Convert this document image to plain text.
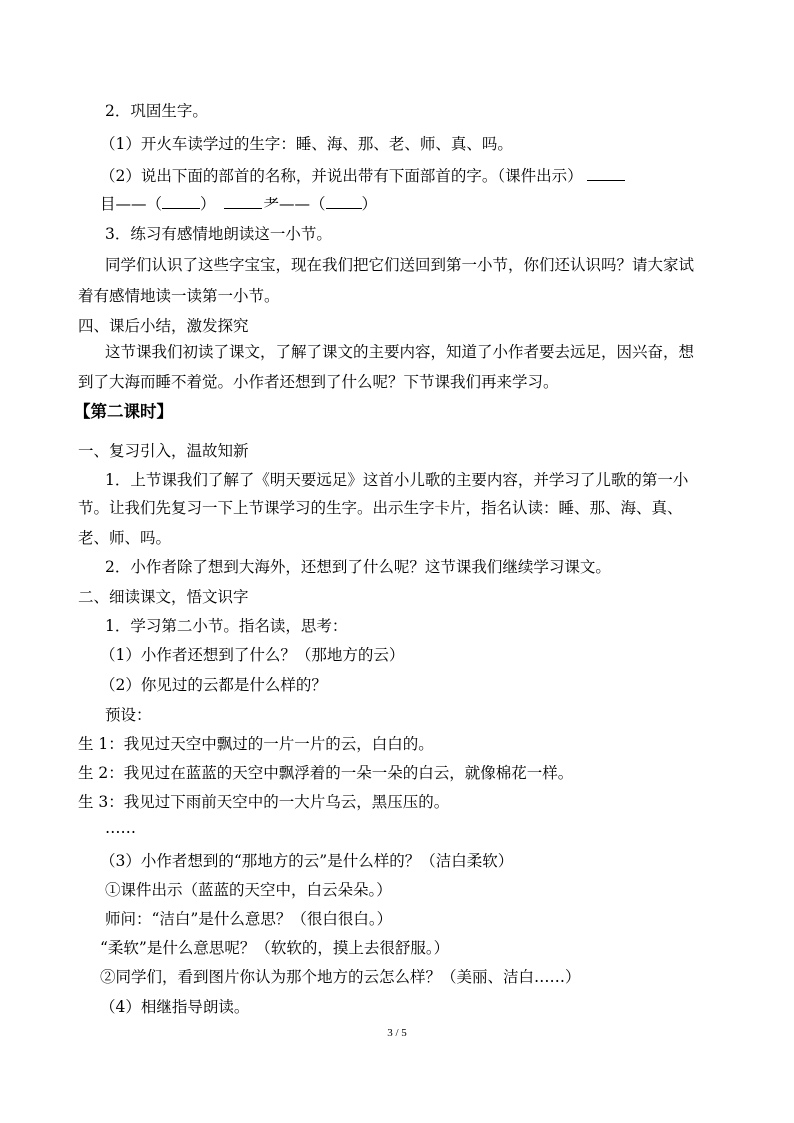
2．巩固生字。
（1）开火车读学过的生字：睡、海、那、老、师、真、吗。
（2）说出下面的部首的名称，并说出带有下面部首的字。（课件出示）
目——（ ）	耂——（ ）
3．练习有感情地朗读这一小节。
同学们认识了这些字宝宝，现在我们把它们送回到第一小节，你们还认识吗？请大家试
着有感情地读一读第一小节。
四、课后小结，激发探究
这节课我们初读了课文，了解了课文的主要内容，知道了小作者要去远足，因兴奋，想
到了大海而睡不着觉。小作者还想到了什么呢？下节课我们再来学习。
【第二课时】
一、复习引入，温故知新
1．上节课我们了解了《明天要远足》这首小儿歌的主要内容，并学习了儿歌的第一小
节。让我们先复习一下上节课学习的生字。出示生字卡片，指名认读：睡、那、海、真、
老、师、吗。
2．小作者除了想到大海外，还想到了什么呢？这节课我们继续学习课文。
二、细读课文，悟文识字
1．学习第二小节。指名读，思考：
（1）小作者还想到了什么？（那地方的云）
（2）你见过的云都是什么样的？
预设：
生 1：我见过天空中飘过的一片一片的云，白白的。
生 2：我见过在蓝蓝的天空中飘浮着的一朵一朵的白云，就像棉花一样。
生 3：我见过下雨前天空中的一大片乌云，黑压压的。
……
（3）小作者想到的“那地方的云”是什么样的？（洁白柔软）
①课件出示（蓝蓝的天空中，白云朵朵。）
师问：“洁白”是什么意思？（很白很白。）
“柔软”是什么意思呢？（软软的，摸上去很舒服。）
②同学们，看到图片你认为那个地方的云怎么样？（美丽、洁白……）
（4）相继指导朗读。
3 / 5
